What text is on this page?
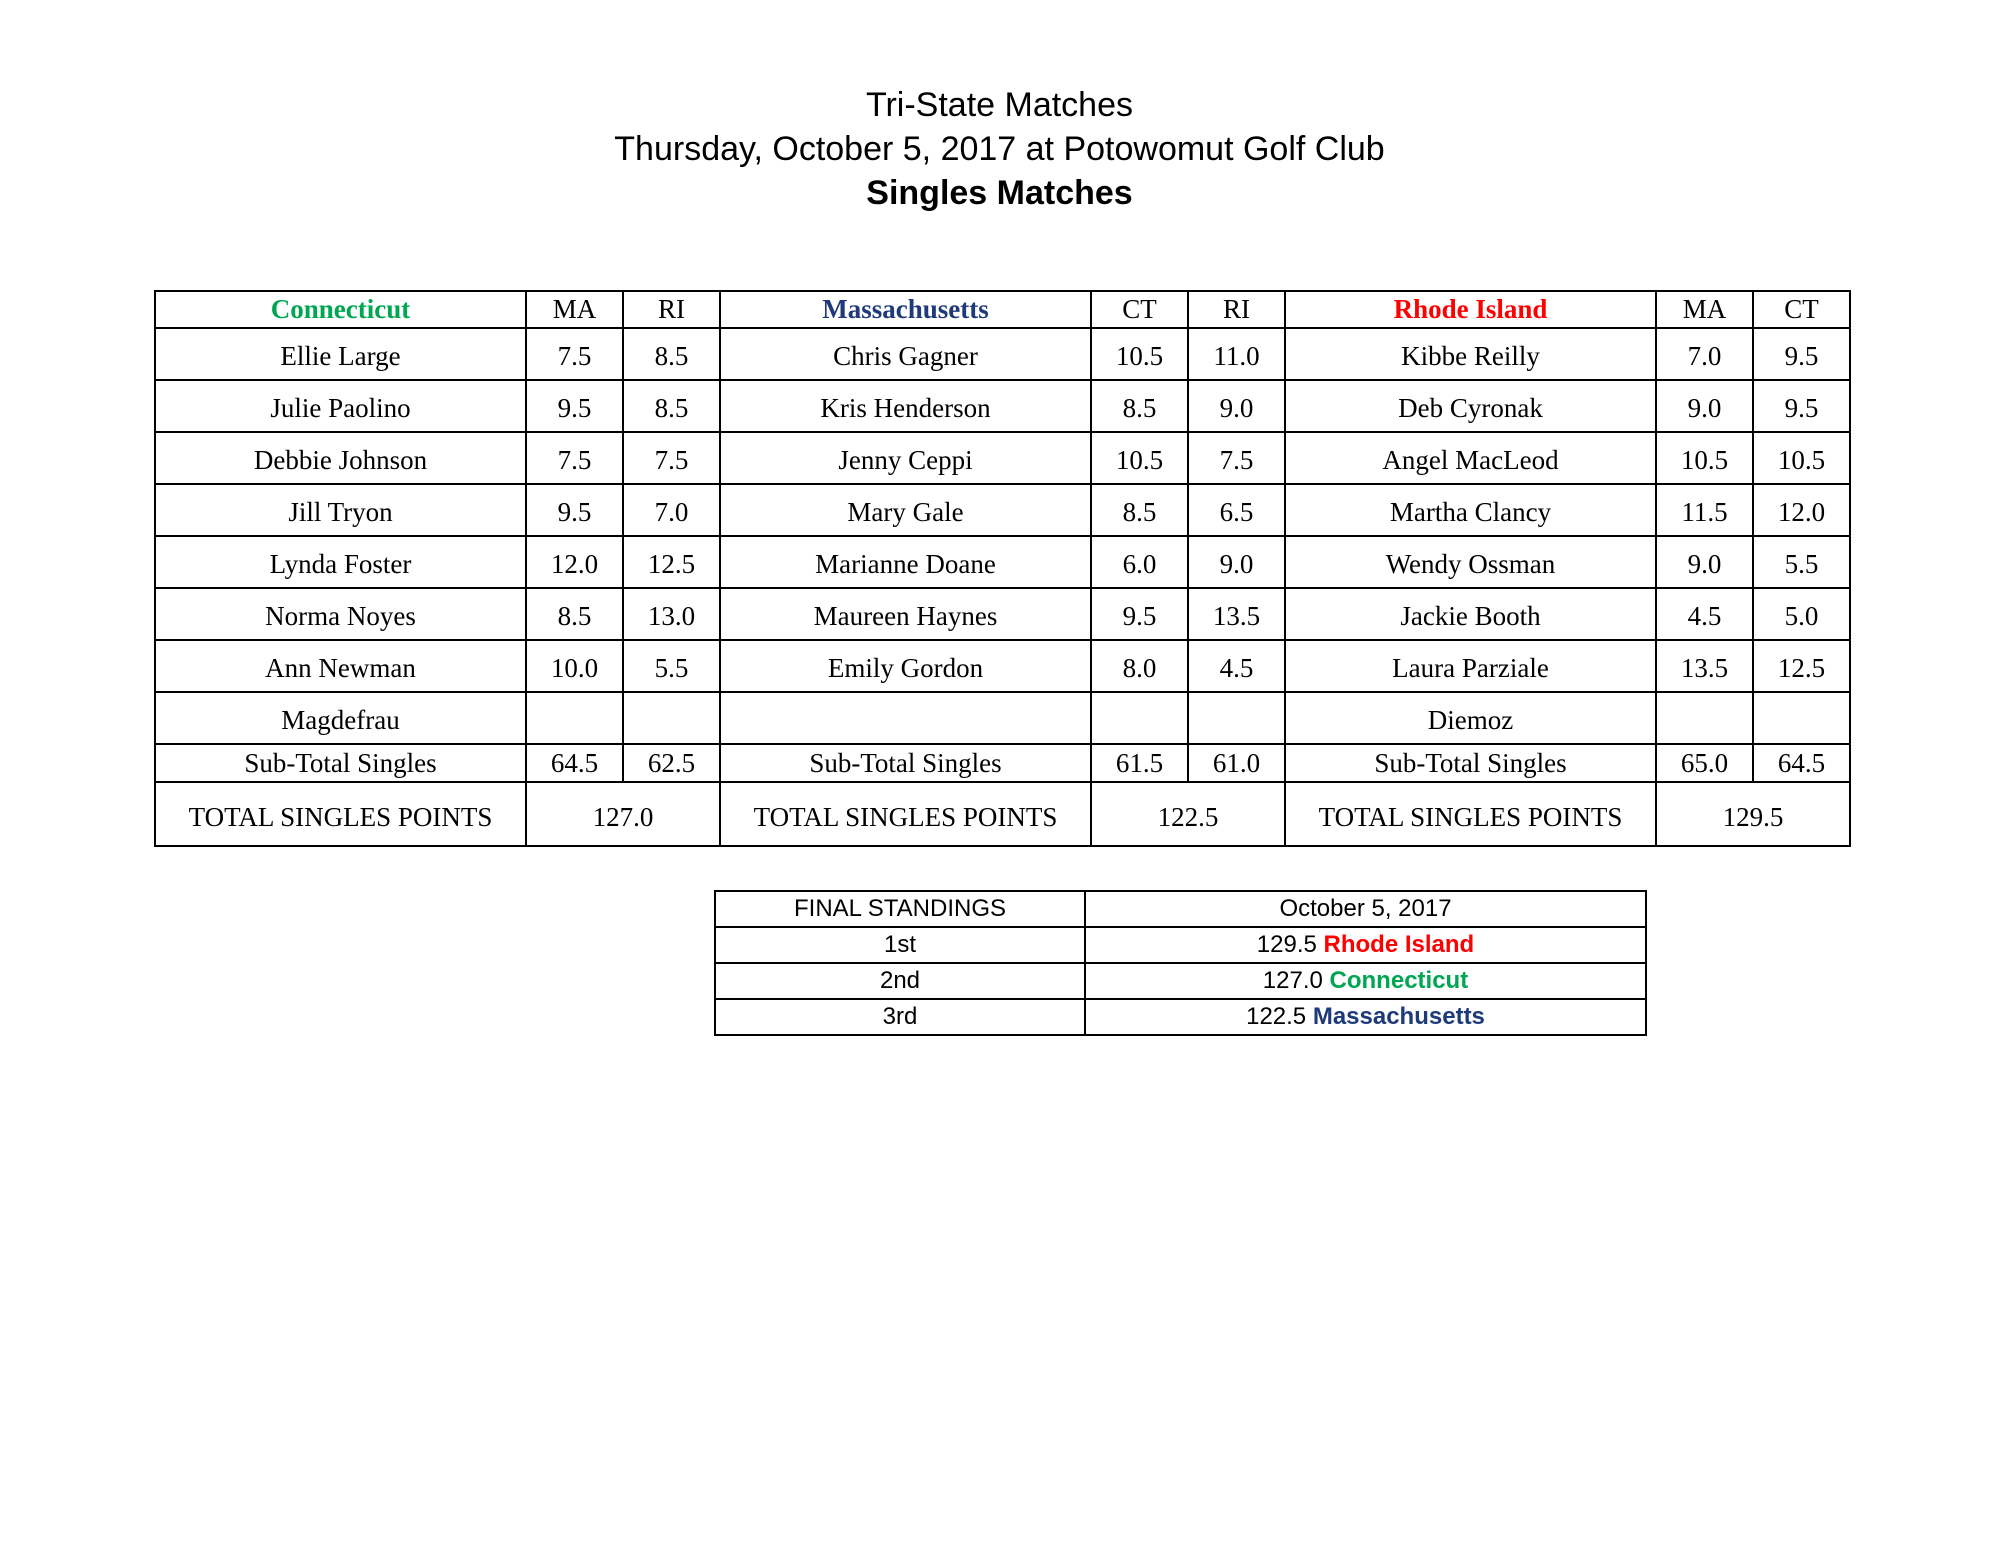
Tri-State Matches
Thursday, October 5, 2017 at Potowomut Golf Club
Singles Matches
Connecticut	MA	RI	Massachusetts	CT	RI	Rhode Island	MA	CT
Ellie Large	7.5	8.5	Chris Gagner	10.5	11.0	Kibbe Reilly	7.0	9.5
Julie Paolino	9.5	8.5	Kris Henderson	8.5	9.0	Deb Cyronak	9.0	9.5
Debbie Johnson	7.5	7.5	Jenny Ceppi	10.5	7.5	Angel MacLeod	10.5	10.5
Jill Tryon	9.5	7.0	Mary Gale	8.5	6.5	Martha Clancy	11.5	12.0
Lynda Foster	12.0	12.5	Marianne Doane	6.0	9.0	Wendy Ossman	9.0	5.5
Norma Noyes	8.5	13.0	Maureen Haynes	9.5	13.5	Jackie Booth	4.5	5.0
Ann Newman	10.0	5.5	Emily Gordon	8.0	4.5	Laura Parziale	13.5	12.5
Magdefrau						Diemoz		
Sub-Total Singles	64.5	62.5	Sub-Total Singles	61.5	61.0	Sub-Total Singles	65.0	64.5
TOTAL SINGLES POINTS	127.0		TOTAL SINGLES POINTS	122.5		TOTAL SINGLES POINTS	129.5	
FINAL STANDINGS	October 5, 2017
1st	129.5 Rhode Island
2nd	127.0 Connecticut
3rd	122.5 Massachusetts
